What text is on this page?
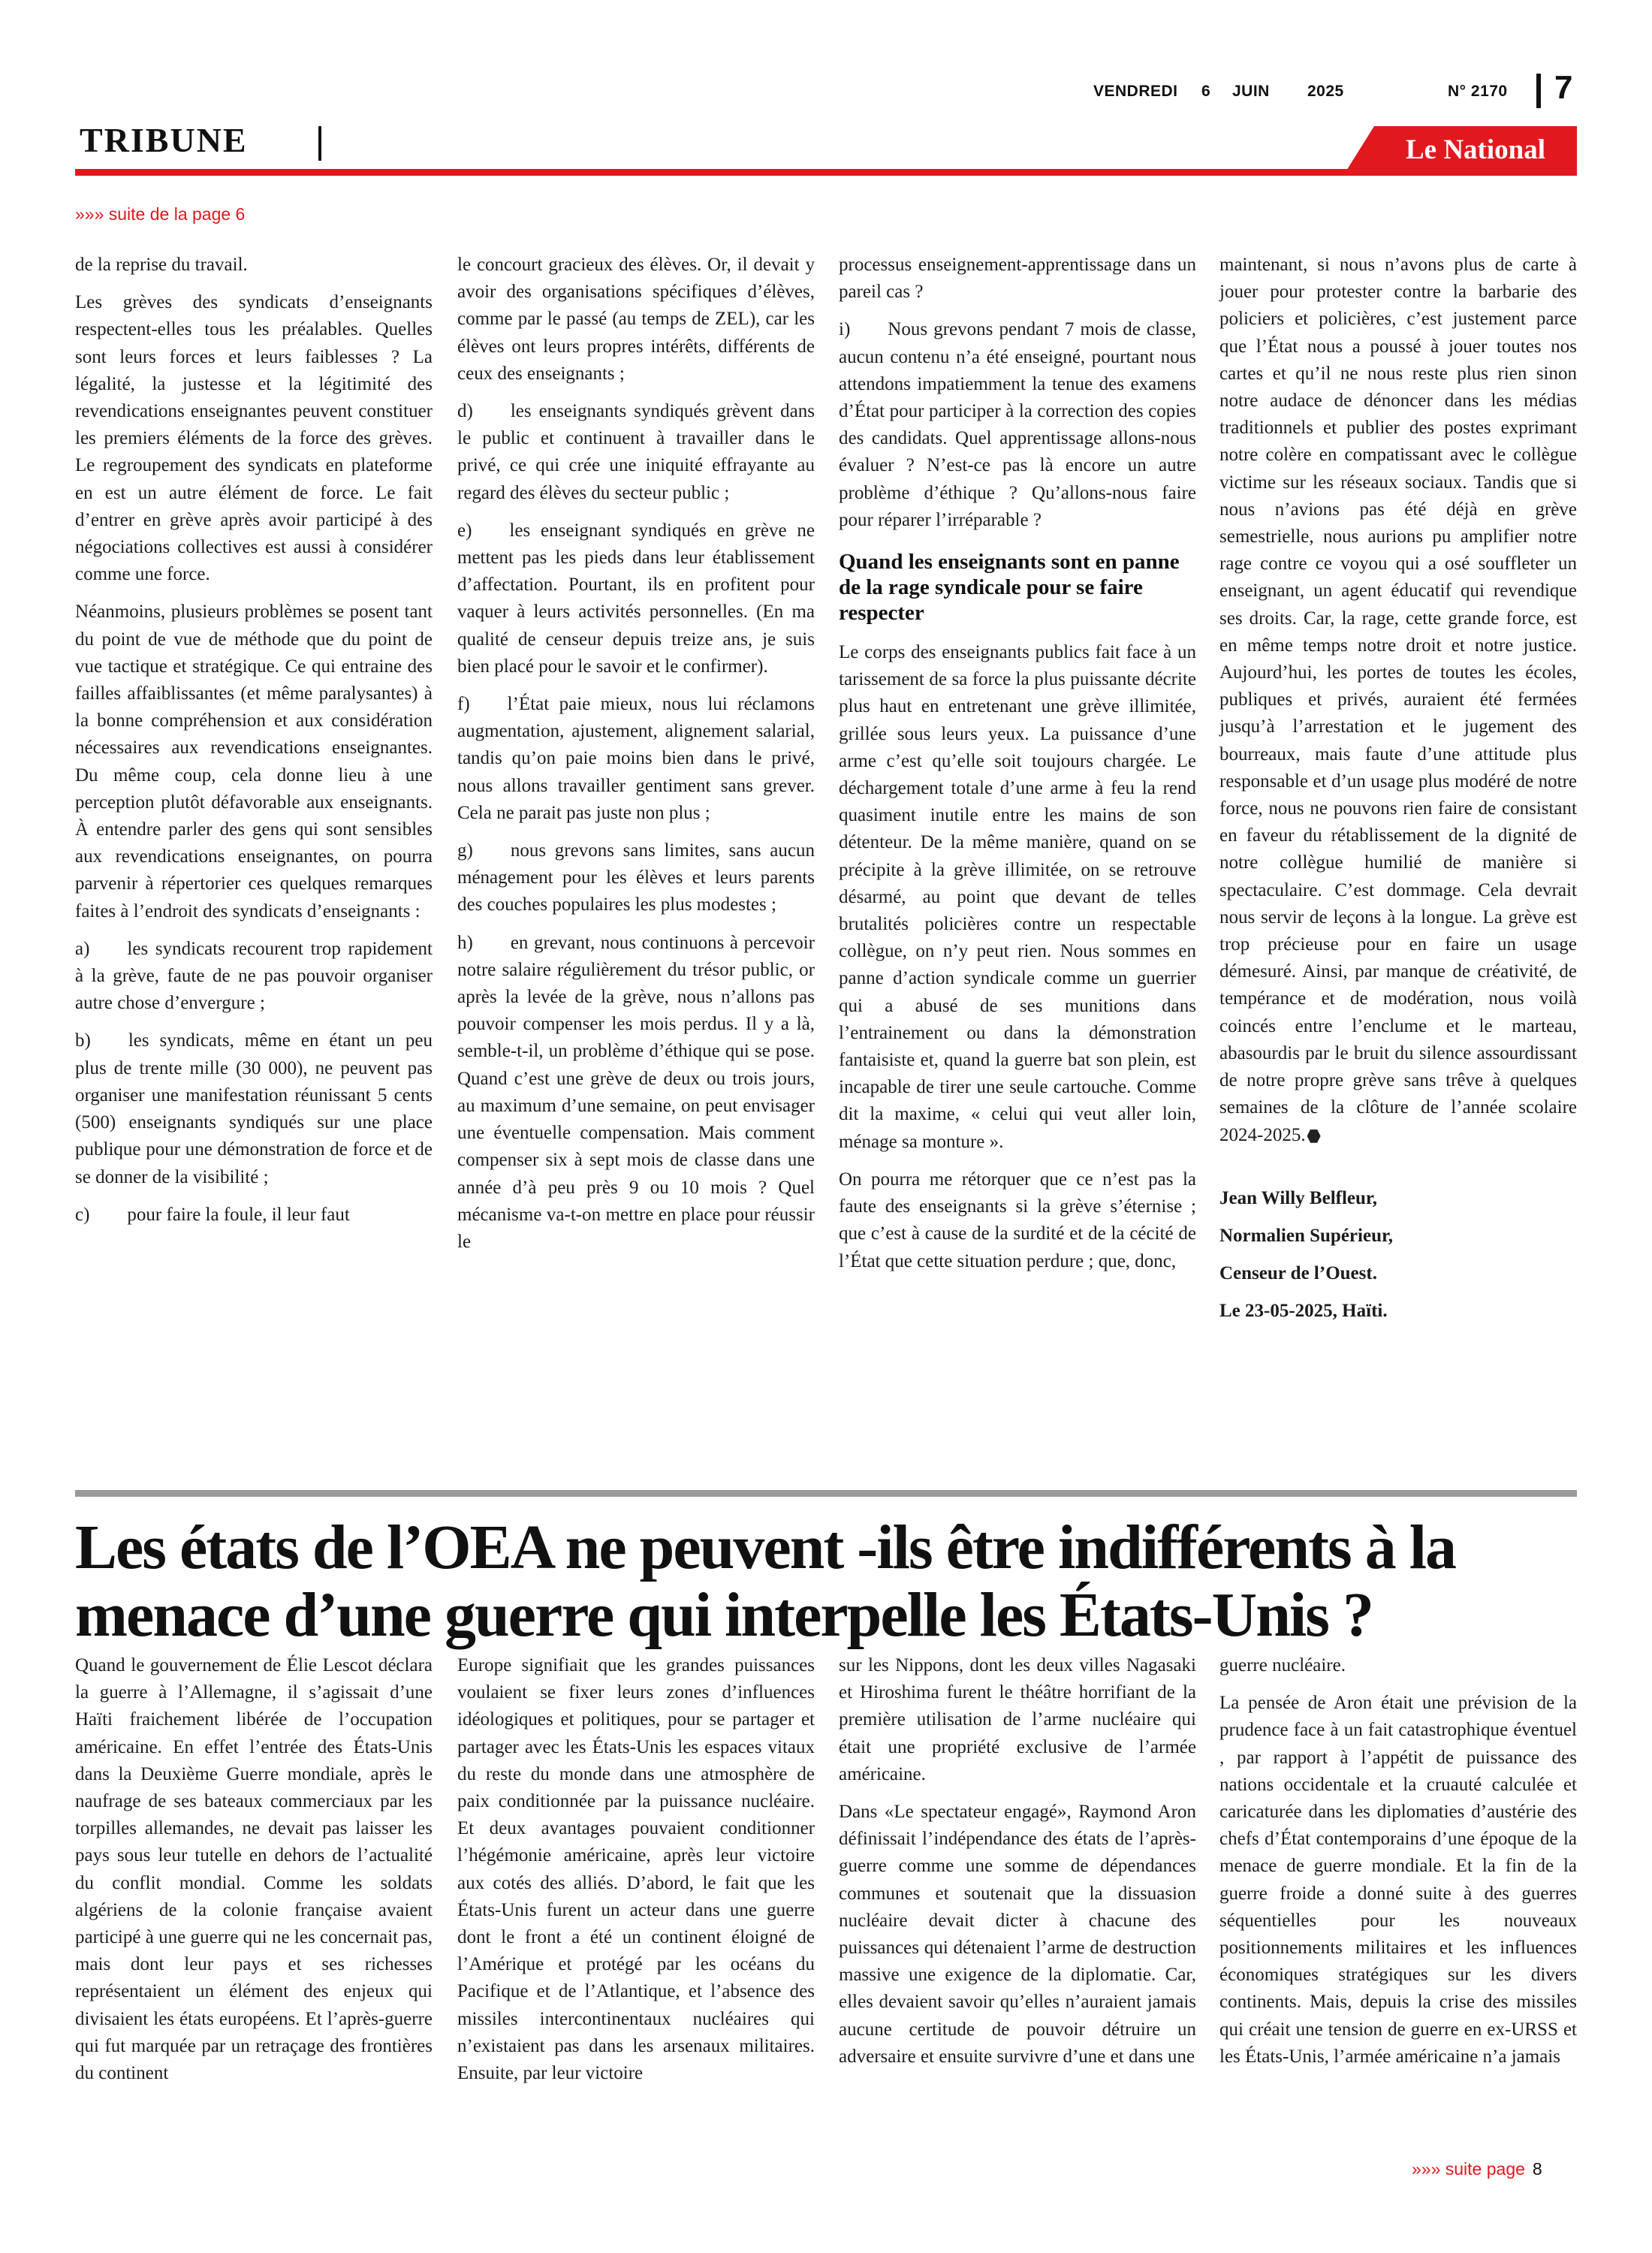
VENDREDI 6 JUIN 2025	N° 2170 7
TRIBUNE	Le National
»»» suite de la page 6

de la reprise du travail.

Les grèves des syndicats d’enseignants respectent-elles tous les préalables. Quelles sont leurs forces et leurs faiblesses ? La légalité, la justesse et la légitimité des revendications enseignantes peuvent constituer les premiers éléments de la force des grèves. Le regroupement des syndicats en plateforme en est un autre élément de force. Le fait d’entrer en grève après avoir participé à des négociations collectives est aussi à considérer comme une force.

Néanmoins, plusieurs problèmes se posent tant du point de vue de méthode que du point de vue tactique et stratégique. Ce qui entraine des failles affaiblissantes (et même paralysantes) à la bonne compréhension et aux considération nécessaires aux revendications enseignantes. Du même coup, cela donne lieu à une perception plutôt défavorable aux enseignants. À entendre parler des gens qui sont sensibles aux revendications enseignantes, on pourra parvenir à répertorier ces quelques remarques faites à l’endroit des syndicats d’enseignants :

a)  les syndicats recourent trop rapidement à la grève, faute de ne pas pouvoir organiser autre chose d’envergure ;

b)  les syndicats, même en étant un peu plus de trente mille (30 000), ne peuvent pas organiser une manifestation réunissant 5 cents (500) enseignants syndiqués sur une place publique pour une démonstration de force et de se donner de la visibilité ;

c)  pour faire la foule, il leur faut

le concourt gracieux des élèves. Or, il devait y avoir des organisations spécifiques d’élèves, comme par le passé (au temps de ZEL), car les élèves ont leurs propres intérêts, différents de ceux des enseignants ;

d)  les enseignants syndiqués grèvent dans le public et continuent à travailler dans le privé, ce qui crée une iniquité effrayante au regard des élèves du secteur public ;

e)  les enseignant syndiqués en grève ne mettent pas les pieds dans leur établissement d’affectation. Pourtant, ils en profitent pour vaquer à leurs activités personnelles. (En ma qualité de censeur depuis treize ans, je suis bien placé pour le savoir et le confirmer).

f)  l’État paie mieux, nous lui réclamons augmentation, ajustement, alignement salarial, tandis qu’on paie moins bien dans le privé, nous allons travailler gentiment sans grever. Cela ne parait pas juste non plus ;

g)  nous grevons sans limites, sans aucun ménagement pour les élèves et leurs parents des couches populaires les plus modestes ;

h)  en grevant, nous continuons à percevoir notre salaire régulièrement du trésor public, or après la levée de la grève, nous n’allons pas pouvoir compenser les mois perdus. Il y a là, semble-t-il, un problème d’éthique qui se pose. Quand c’est une grève de deux ou trois jours, au maximum d’une semaine, on peut envisager une éventuelle compensation. Mais comment compenser six à sept mois de classe dans une année d’à peu près 9 ou 10 mois ? Quel mécanisme va-t-on mettre en place pour réussir le

processus enseignement-apprentissage dans un pareil cas ?

i)  Nous grevons pendant 7 mois de classe, aucun contenu n’a été enseigné, pourtant nous attendons impatiemment la tenue des examens d’État pour participer à la correction des copies des candidats. Quel apprentissage allons-nous évaluer ? N’est-ce pas là encore un autre problème d’éthique ? Qu’allons-nous faire pour réparer l’irréparable ?

Quand les enseignants sont en panne de la rage syndicale pour se faire respecter

Le corps des enseignants publics fait face à un tarissement de sa force la plus puissante décrite plus haut en entretenant une grève illimitée, grillée sous leurs yeux. La puissance d’une arme c’est qu’elle soit toujours chargée. Le déchargement totale d’une arme à feu la rend quasiment inutile entre les mains de son détenteur. De la même manière, quand on se précipite à la grève illimitée, on se retrouve désarmé, au point que devant de telles brutalités policières contre un respectable collègue, on n’y peut rien. Nous sommes en panne d’action syndicale comme un guerrier qui a abusé de ses munitions dans l’entrainement ou dans la démonstration fantaisiste et, quand la guerre bat son plein, est incapable de tirer une seule cartouche. Comme dit la maxime, « celui qui veut aller loin, ménage sa monture ».

On pourra me rétorquer que ce n’est pas la faute des enseignants si la grève s’éternise ; que c’est à cause de la surdité et de la cécité de l’État que cette situation perdure ; que, donc,

maintenant, si nous n’avons plus de carte à jouer pour protester contre la barbarie des policiers et policières, c’est justement parce que l’État nous a poussé à jouer toutes nos cartes et qu’il ne nous reste plus rien sinon notre audace de dénoncer dans les médias traditionnels et publier des postes exprimant notre colère en compatissant avec le collègue victime sur les réseaux sociaux. Tandis que si nous n’avions pas été déjà en grève semestrielle, nous aurions pu amplifier notre rage contre ce voyou qui a osé souffleter un enseignant, un agent éducatif qui revendique ses droits. Car, la rage, cette grande force, est en même temps notre droit et notre justice. Aujourd’hui, les portes de toutes les écoles, publiques et privés, auraient été fermées jusqu’à l’arrestation et le jugement des bourreaux, mais faute d’une attitude plus responsable et d’un usage plus modéré de notre force, nous ne pouvons rien faire de consistant en faveur du rétablissement de la dignité de notre collègue humilié de manière si spectaculaire. C’est dommage. Cela devrait nous servir de leçons à la longue. La grève est trop précieuse pour en faire un usage démesuré. Ainsi, par manque de créativité, de tempérance et de modération, nous voilà coincés entre l’enclume et le marteau, abasourdis par le bruit du silence assourdissant de notre propre grève sans trêve à quelques semaines de la clôture de l’année scolaire 2024-2025.

Jean Willy Belfleur,
Normalien Supérieur,
Censeur de l’Ouest.
Le 23-05-2025, Haïti.
Les états de l’OEA ne peuvent -ils être indifférents à la menace d’une guerre qui interpelle les États-Unis ?

Quand le gouvernement de Élie Lescot déclara la guerre à l’Allemagne, il s’agissait d’une Haïti fraichement libérée de l’occupation américaine. En effet l’entrée des États-Unis dans la Deuxième Guerre mondiale, après le naufrage de ses bateaux commerciaux par les torpilles allemandes, ne devait pas laisser les pays sous leur tutelle en dehors de l’actualité du conflit mondial. Comme les soldats algériens de la colonie française avaient participé à une guerre qui ne les concernait pas, mais dont leur pays et ses richesses représentaient un élément des enjeux qui divisaient les états européens. Et l’après-guerre qui fut marquée par un retraçage des frontières du continent

Europe signifiait que les grandes puissances voulaient se fixer leurs zones d’influences idéologiques et politiques, pour se partager et partager avec les États-Unis les espaces vitaux du reste du monde dans une atmosphère de paix conditionnée par la puissance nucléaire. Et deux avantages pouvaient conditionner l’hégémonie américaine, après leur victoire aux cotés des alliés. D’abord, le fait que les États-Unis furent un acteur dans une guerre dont le front a été un continent éloigné de l’Amérique et protégé par les océans du Pacifique et de l’Atlantique, et l’absence des missiles intercontinentaux nucléaires qui n’existaient pas dans les arsenaux militaires. Ensuite, par leur victoire

sur les Nippons, dont les deux villes Nagasaki et Hiroshima furent le théâtre horrifiant de la première utilisation de l’arme nucléaire qui était une propriété exclusive de l’armée américaine.

Dans «Le spectateur engagé», Raymond Aron définissait l’indépendance des états de l’après-guerre comme une somme de dépendances communes et soutenait que la dissuasion nucléaire devait dicter à chacune des puissances qui détenaient l’arme de destruction massive une exigence de la diplomatie. Car, elles devaient savoir qu’elles n’auraient jamais aucune certitude de pouvoir détruire un adversaire et ensuite survivre d’une et dans une

guerre nucléaire.

La pensée de Aron était une prévision de la prudence face à un fait catastrophique éventuel , par rapport à l’appétit de puissance des nations occidentale et la cruauté calculée et caricaturée dans les diplomaties d’austérie des chefs d’État contemporains d’une époque de la menace de guerre mondiale. Et la fin de la guerre froide a donné suite à des guerres séquentielles pour les nouveaux positionnements militaires et les influences économiques stratégiques sur les divers continents. Mais, depuis la crise des missiles qui créait une tension de guerre en ex-URSS et les États-Unis, l’armée américaine n’a jamais

»»» suite page 8
